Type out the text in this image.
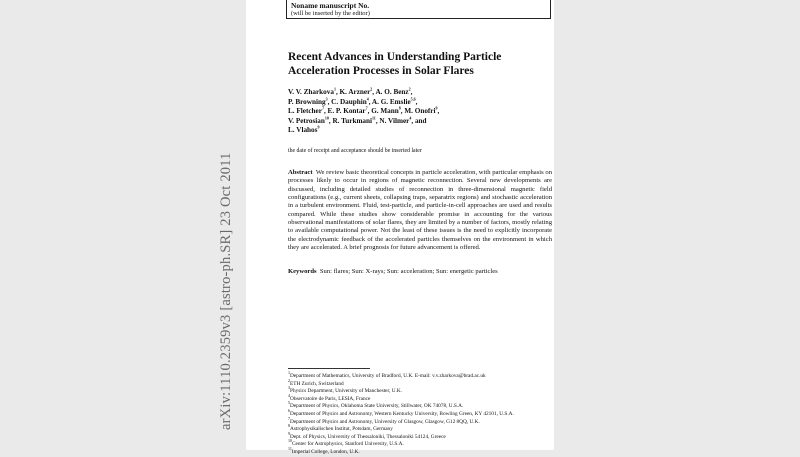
arXiv:1110.2359v3 [astro-ph.SR] 23 Oct 2011
Noname manuscript No.
(will be inserted by the editor)
Recent Advances in Understanding Particle Acceleration Processes in Solar Flares
V. V. Zharkova$^1$, K. Arzner$^2$, A. O. Benz$^2$,
P. Browning$^3$, C. Dauphin$^4$, A. G. Emslie$^{5,6}$,
L. Fletcher$^7$, E. P. Kontar$^7$, G. Mann$^8$, M. Onofri$^9$,
V. Petrosian$^{10}$, R. Turkmani$^{11}$, N. Vilmer$^4$, and
L. Vlahos$^9$
the date of receipt and acceptance should be inserted later
Abstract We review basic theoretical concepts in particle acceleration, with particular emphasis on processes likely to occur in regions of magnetic reconnection. Several new developments are discussed, including detailed studies of reconnection in three-dimensional magnetic field configurations (e.g., current sheets, collapsing traps, separatrix regions) and stochastic acceleration in a turbulent environment. Fluid, test-particle, and particle-in-cell approaches are used and results compared. While these studies show considerable promise in accounting for the various observational manifestations of solar flares, they are limited by a number of factors, mostly relating to available computational power. Not the least of these issues is the need to explicitly incorporate the electrodynamic feedback of the accelerated particles themselves on the environment in which they are accelerated. A brief prognosis for future advancement is offered.
Keywords Sun: flares; Sun: X-rays; Sun: acceleration; Sun: energetic particles
$^1$Department of Mathematics, University of Bradford, U.K. E-mail: v.v.zharkova@brad.ac.uk
$^2$ETH Zurich, Switzerland
$^3$Physics Department, University of Manchester, U.K.
$^4$Observatoire de Paris, LESIA, France
$^5$Department of Physics, Oklahoma State University, Stillwater, OK 74078, U.S.A.
$^6$Department of Physics and Astronomy, Western Kentucky University, Bowling Green, KY 42101, U.S.A.
$^7$Department of Physics and Astronomy, University of Glasgow, Glasgow, G12 8QQ, U.K.
$^8$Astrophysikalischen Institut, Potsdam, Germany
$^9$Dept. of Physics, University of Thessaloniki, Thessaloniki 54124, Greece
$^{10}$Center for Astrophysics, Stanford University, U.S.A.
$^{11}$Imperial College, London, U.K.
